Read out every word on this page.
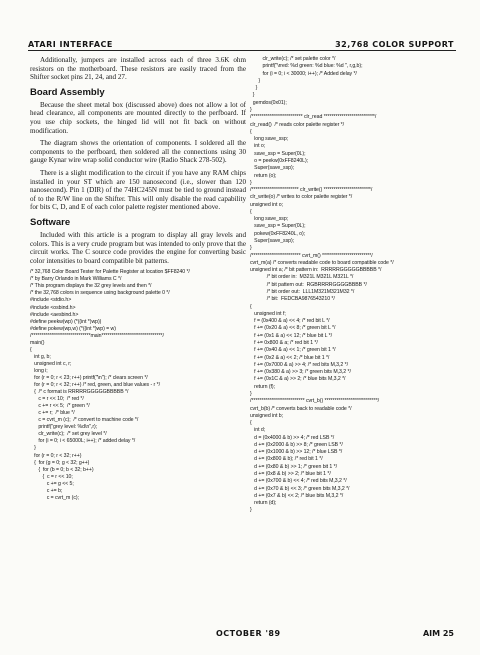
ATARI INTERFACE	32,768 COLOR SUPPORT

Additionally, jumpers are installed across each of three 3.6K ohm resistors on the motherboard. These resistors are easily traced from the Shifter socket pins 21, 24, and 27.

Board Assembly

Because the sheet metal box (discussed above) does not allow a lot of head clearance, all components are mounted directly to the perfboard. If you use chip sockets, the hinged lid will not fit back on without modification.

The diagram shows the orientation of components. I soldered all the components to the perfboard, then soldered all the connections using 30 gauge Kynar wire wrap solid conductor wire (Radio Shack 278-502).

There is a slight modification to the circuit if you have any RAM chips installed in your ST which are 150 nanosecond (i.e., slower than 120 nanosecond). Pin 1 (DIR) of the 74HC245N must be tied to ground instead of to the R/W line on the Shifter. This will only disable the read capability for bits C, D, and E of each color palette register mentioned above.

Software

Included with this article is a program to display all gray levels and colors. This is a very crude program but was intended to only prove that the circuit works. The C source code provides the engine for converting basic color intensities to board compatible bit patterns.

/* 32,768 Color Board Tester for Palette Register at location $FF8240 */
/* by Barry Orlando in Mark Williams C */
/* This program displays the 32 grey levels and then */
/* the 32,768 colors in sequence using background palette 0 */
#include <stdio.h>
#include <osbind.h>
#include <aesbind.h>
#define peekw(wp) (*((int *)wp))
#define pokew(wp,w) (*((int *)wp) = w)
/******************************main*******************************/
main()
{
int g, b;
unsigned int c, r;
long i;
for (r = 0; r < 23; r++) printf("\n"); /* clears screen */
for (r = 0; r < 32; r++) /* red, green, and blue values - r */
{  /* c format is RRRRRGGGGGBBBBB */
c = r << 10;  /* red */
c += r << 5;  /* green */
c += r;  /* blue */
c = cvrt_m (c);  /* convert to machine code */
printf("grey level: %d\n",r);
clr_write(c);  /* set grey level */
for (i = 0; i < 65000L; i++); /* added delay */
}
for (r = 0; r < 32; r++)
{  for (g = 0; g < 32; g++)
{  for (b = 0; b < 32; b++)
{  c = r << 10;
c += g << 5;
c += b;
c = cvrt_m (c);
clr_write(c); /* set palette color */
printf("\rred: %d green: %d blue: %d ", r,g,b);
for (i = 0; i < 30000; i++); /* Added delay */
}
}
}
gemdos(0x01);
}
/************************** clr_read **************************/
clr_read()  /* reads color palette register */
{
long save_ssp;
int o;
save_ssp = Super(0L);
o = peekw(0xFF8240L);
Super(save_ssp);
return (o);
}
/************************ clr_write() ************************/
clr_write(o) /* writes to color palette register */
unsigned int o;
{
long save_ssp;
save_ssp = Super(0L);
pokew(0xFF8240L, o);
Super(save_ssp);
}
/************************* cvrt_m() *************************/
cvrt_m(a) /* converts readable code to board compatible code */
unsigned int a; /* bit pattern in:  RRRRRGGGGGBBBBB */
/* bit order in:  M321L M321L M321L */
/* bit pattern out:  RGBRRRRGGGGBBBB */
/* bit order out:  LLL1M321M321M32 */
/* bit:  FEDCBA9876543210 */
{
unsigned int f;
f = (0x400 & a) << 4; /* red bit L */
f += (0x20 & a) << 8; /* green bit L */
f += (0x1 & a) << 12; /* blue bit L */
f += 0x800 & a; /* red bit 1 */
f += (0x40 & a) << 1; /* green bit 1 */
f += (0x2 & a) << 2; /* blue bit 1 */
f += (0x7000 & a) >> 4; /* red bits M,3,2 */
f += (0x380 & a) >> 3; /* green bits M,3,2 */
f += (0x1C & a) >> 2; /* blue bits M,3,2 */
return (f);
}
/*************************** cvrt_b() ***************************/
cvrt_b(b) /* converts back to readable code */
unsigned int b;
{
int d;
d = (0x4000 & b) >> 4; /* red LSB */
d += (0x2000 & b) >> 8; /* green LSB */
d += (0x1000 & b) >> 12; /* blue LSB */
d += (0x800 & b); /* red bit 1 */
d += (0x80 & b) >> 1; /* green bit 1 */
d += (0x8 & b) >> 2; /* blue bit 1 */
d += (0x700 & b) << 4; /* red bits M,3,2 */
d += (0x70 & b) << 3; /* green bits M,3,2 */
d += (0x7 & b) << 2; /* blue bits M,3,2 */
return (d);
}
OCTOBER '89	AIM 25
